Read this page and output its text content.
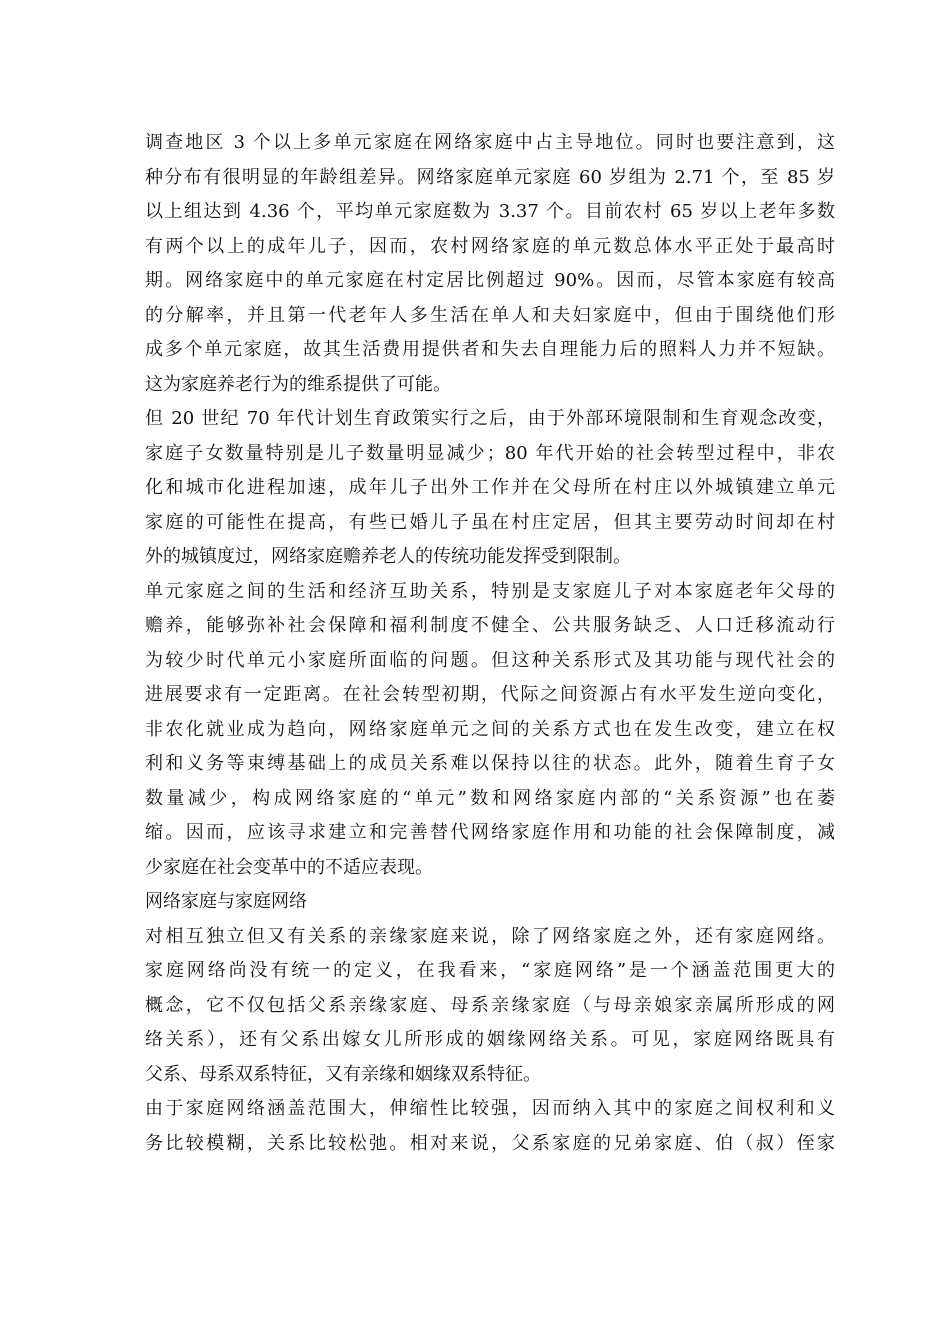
调查地区 3 个以上多单元家庭在网络家庭中占主导地位。同时也要注意到，这
种分布有很明显的年龄组差异。网络家庭单元家庭 60 岁组为 2.71 个，至 85 岁
以上组达到 4.36 个，平均单元家庭数为 3.37 个。目前农村 65 岁以上老年多数
有两个以上的成年儿子，因而，农村网络家庭的单元数总体水平正处于最高时
期。网络家庭中的单元家庭在村定居比例超过 90%。因而，尽管本家庭有较高
的分解率，并且第一代老年人多生活在单人和夫妇家庭中，但由于围绕他们形
成多个单元家庭，故其生活费用提供者和失去自理能力后的照料人力并不短缺。
这为家庭养老行为的维系提供了可能。
但 20 世纪 70 年代计划生育政策实行之后，由于外部环境限制和生育观念改变，
家庭子女数量特别是儿子数量明显减少；80 年代开始的社会转型过程中，非农
化和城市化进程加速，成年儿子出外工作并在父母所在村庄以外城镇建立单元
家庭的可能性在提高，有些已婚儿子虽在村庄定居，但其主要劳动时间却在村
外的城镇度过，网络家庭赡养老人的传统功能发挥受到限制。
单元家庭之间的生活和经济互助关系，特别是支家庭儿子对本家庭老年父母的
赡养，能够弥补社会保障和福利制度不健全、公共服务缺乏、人口迁移流动行
为较少时代单元小家庭所面临的问题。但这种关系形式及其功能与现代社会的
进展要求有一定距离。在社会转型初期，代际之间资源占有水平发生逆向变化，
非农化就业成为趋向，网络家庭单元之间的关系方式也在发生改变，建立在权
利和义务等束缚基础上的成员关系难以保持以往的状态。此外，随着生育子女
数量减少，构成网络家庭的“单元”数和网络家庭内部的“关系资源”也在萎
缩。因而，应该寻求建立和完善替代网络家庭作用和功能的社会保障制度，减
少家庭在社会变革中的不适应表现。
网络家庭与家庭网络
对相互独立但又有关系的亲缘家庭来说，除了网络家庭之外，还有家庭网络。
家庭网络尚没有统一的定义，在我看来，“家庭网络”是一个涵盖范围更大的
概念，它不仅包括父系亲缘家庭、母系亲缘家庭（与母亲娘家亲属所形成的网
络关系），还有父系出嫁女儿所形成的姻缘网络关系。可见，家庭网络既具有
父系、母系双系特征，又有亲缘和姻缘双系特征。
由于家庭网络涵盖范围大，伸缩性比较强，因而纳入其中的家庭之间权利和义
务比较模糊，关系比较松弛。相对来说，父系家庭的兄弟家庭、伯（叔）侄家
